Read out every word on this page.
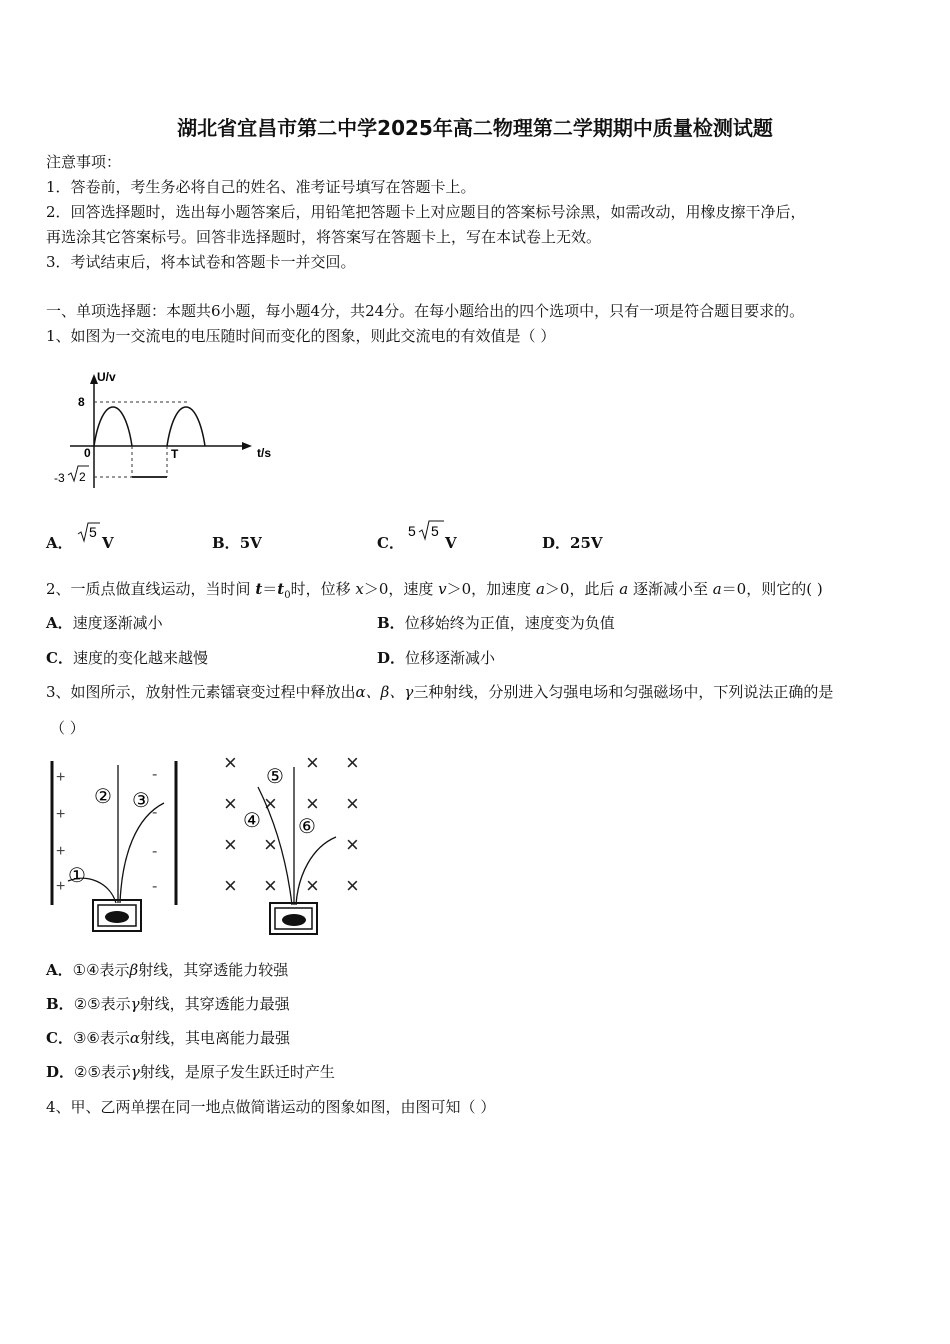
湖北省宜昌市第二中学2025年高二物理第二学期期中质量检测试题
注意事项：
1．答卷前，考生务必将自己的姓名、准考证号填写在答题卡上。
2．回答选择题时，选出每小题答案后，用铅笔把答题卡上对应题目的答案标号涂黑，如需改动，用橡皮擦干净后，
再选涂其它答案标号。回答非选择题时，将答案写在答题卡上，写在本试卷上无效。
3．考试结束后，将本试卷和答题卡一并交回。
一、单项选择题：本题共6小题，每小题4分，共24分。在每小题给出的四个选项中，只有一项是符合题目要求的。
1、如图为一交流电的电压随时间而变化的图象，则此交流电的有效值是（ ）
U/v
8
0	T	t/s
-3 2
A．
5
V	B．5V	C．
5 5
V	D．25V
2、一质点做直线运动，当时间 $t=t_0$时，位移 x＞0，速度 v＞0，加速度 a＞0，此后 a 逐渐减小至 a＝0，则它的( )
A．速度逐渐减小	B．位移始终为正值，速度变为负值
C．速度的变化越来越慢	D．位移逐渐减小
3、如图所示，放射性元素镭衰变过程中释放出α、β、γ三种射线，分别进入匀强电场和匀强磁场中，下列说法正确的是
（ ）
+
+
+
+
-
-
-
-
①
② ③
×	× ×
× × × ×
× ×	×
× × × ×
④
⑤
⑥
A．①④表示β射线，其穿透能力较强
B．②⑤表示γ射线，其穿透能力最强
C．③⑥表示α射线，其电离能力最强
D．②⑤表示γ射线，是原子发生跃迁时产生
4、甲、乙两单摆在同一地点做简谐运动的图象如图，由图可知（ ）
